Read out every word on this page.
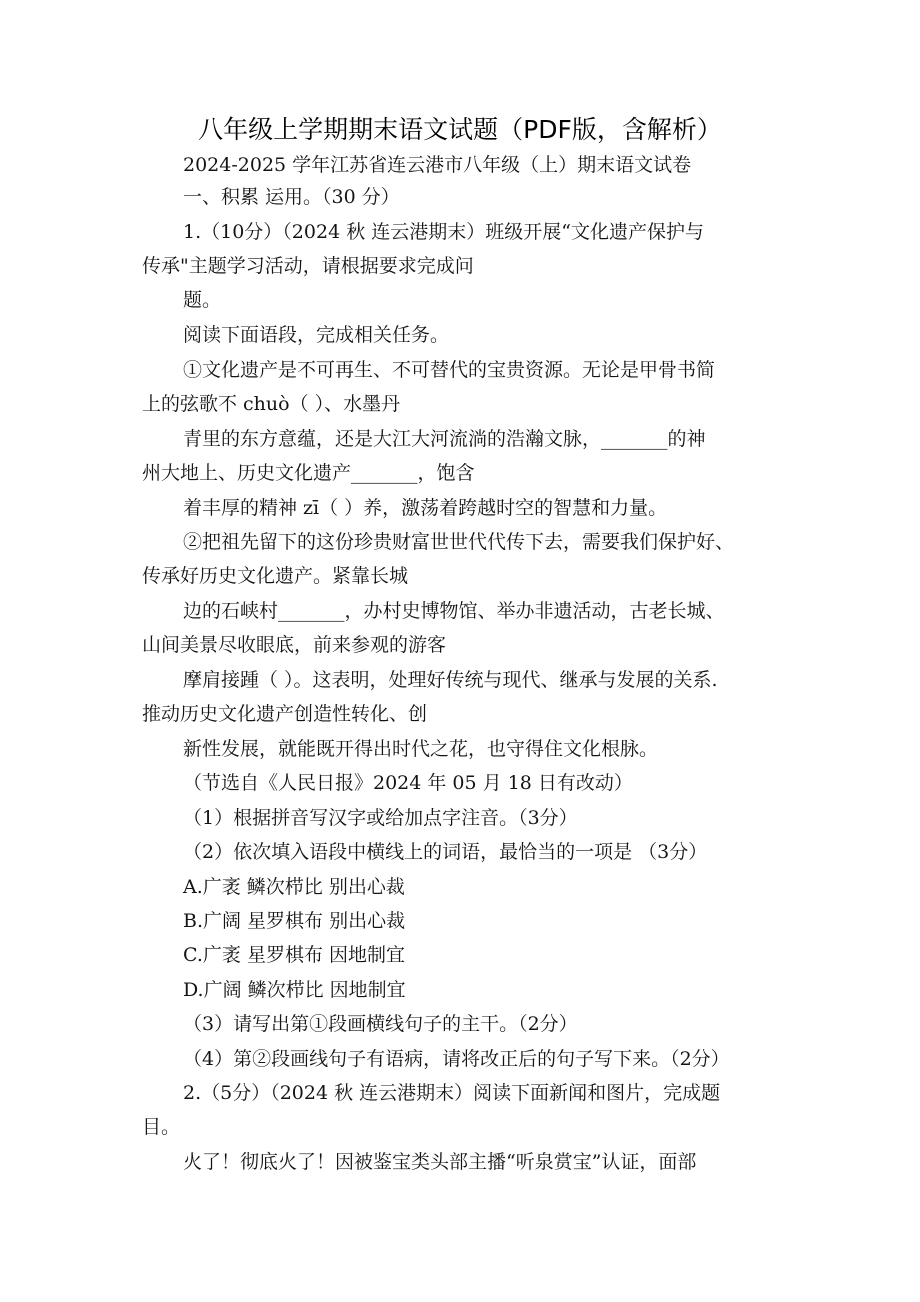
八年级上学期期末语文试题（PDF版，含解析）
2024-2025 学年江苏省连云港市八年级（上）期末语文试卷
一、积累 运用。（30 分）
1.（10分）（2024 秋 连云港期末）班级开展“文化遗产保护与
传承"主题学习活动，请根据要求完成问
题。
阅读下面语段，完成相关任务。
①文化遗产是不可再生、不可替代的宝贵资源。无论是甲骨书简
上的弦歌不 chuò（ ）、水墨丹
青里的东方意蕴，还是大江大河流淌的浩瀚文脉，_______的神
州大地上、历史文化遗产_______，饱含
着丰厚的精神 zī（ ）养，激荡着跨越时空的智慧和力量。
②把祖先留下的这份珍贵财富世世代代传下去，需要我们保护好、
传承好历史文化遗产。紧靠长城
边的石峡村_______，办村史博物馆、举办非遗活动，古老长城、
山间美景尽收眼底，前来参观的游客
摩肩接踵（ ）。这表明，处理好传统与现代、继承与发展的关系.
推动历史文化遗产创造性转化、创
新性发展，就能既开得出时代之花，也守得住文化根脉。
（节选自《人民日报》2024 年 05 月 18 日有改动）
（1）根据拼音写汉字或给加点字注音。（3分）
（2）依次填入语段中横线上的词语，最恰当的一项是 （3分）
A.广袤 鳞次栉比 别出心裁
B.广阔 星罗棋布 别出心裁
C.广袤 星罗棋布 因地制宜
D.广阔 鳞次栉比 因地制宜
（3）请写出第①段画横线句子的主干。（2分）
（4）第②段画线句子有语病，请将改正后的句子写下来。（2分）
2.（5分）（2024 秋 连云港期末）阅读下面新闻和图片，完成题
目。
火了！彻底火了！因被鉴宝类头部主播“听泉赏宝”认证，面部
